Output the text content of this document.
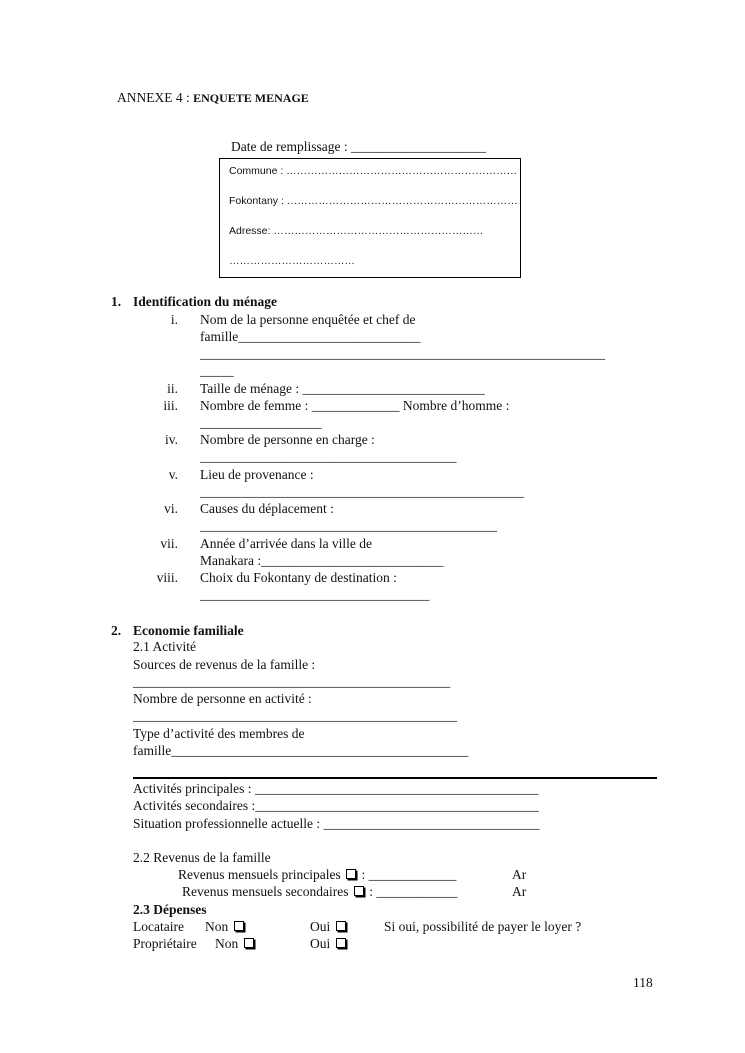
ANNEXE 4 : ENQUETE MENAGE
Date de remplissage : ____________________
Commune : …………………………………………………………
Fokontany : …………………………………………………………
Adresse: ……………………………………………………
………………………………
1. Identification du ménage
i. Nom de la personne enquêtée et chef de
famille___________________________
____________________________________________________________
_____
ii. Taille de ménage : ___________________________
iii. Nombre de femme : _____________ Nombre d’homme :
__________________
iv. Nombre de personne en charge :
______________________________________
v. Lieu de provenance :
________________________________________________
vi. Causes du déplacement :
____________________________________________
vii. Année d’arrivée dans la ville de
Manakara :___________________________
viii. Choix du Fokontany de destination :
__________________________________
2. Economie familiale
2.1 Activité
Sources de revenus de la famille :
_______________________________________________
Nombre de personne en activité :
________________________________________________
Type d’activité des membres de
famille____________________________________________
Activités principales : __________________________________________
Activités secondaires :__________________________________________
Situation professionnelle actuelle : ________________________________
2.2 Revenus de la famille
Revenus mensuels principales : _____________	Ar
Revenus mensuels secondaires : ____________	Ar
2.3 Dépenses
Locataire Non	Oui	Si oui, possibilité de payer le loyer ?
Propriétaire Non	Oui
118
